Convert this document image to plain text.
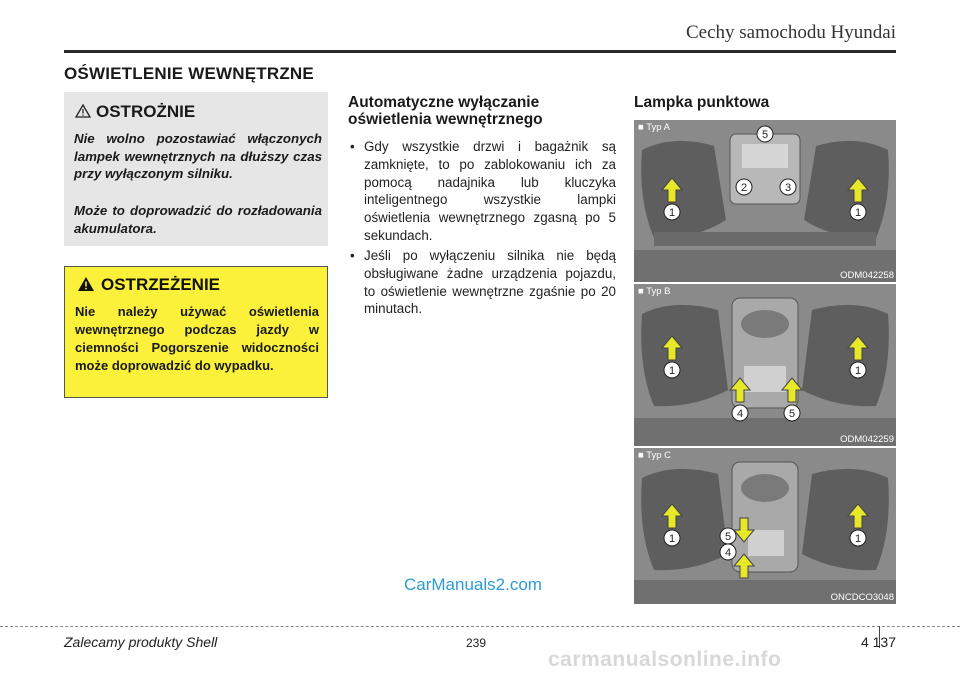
Cechy samochodu Hyundai
OŚWIETLENIE WEWNĘTRZNE
OSTROŻNIE

Nie wolno pozostawiać włączonych lampek wewnętrznych na dłuższy czas przy wyłączonym silniku.

Może to doprowadzić do rozładowania akumulatora.

OSTRZEŻENIE

Nie należy używać oświetlenia wewnętrznego podczas jazdy w ciemności Pogorszenie widoczności może doprowadzić do wypadku.

Automatyczne wyłączanie oświetlenia wewnętrznego
• Gdy wszystkie drzwi i bagażnik są zamknięte, to po zablokowaniu ich za pomocą nadajnika lub kluczyka inteligentnego wszystkie lampki oświetlenia wewnętrznego zgasną po 5 sekundach.
• Jeśli po wyłączeniu silnika nie będą obsługiwane żadne urządzenia pojazdu, to oświetlenie wewnętrzne zgaśnie po 20 minutach.
Lampka punktowa
5
2	3
1	1
■ Typ A
ODM042258
1	1
4	5
■ Typ B
ODM042259
1	1
5
4
■ Typ C
ONCDCO3048
CarManuals2.com
Zalecamy produkty Shell	239	4 137
carmanualsonline.info
